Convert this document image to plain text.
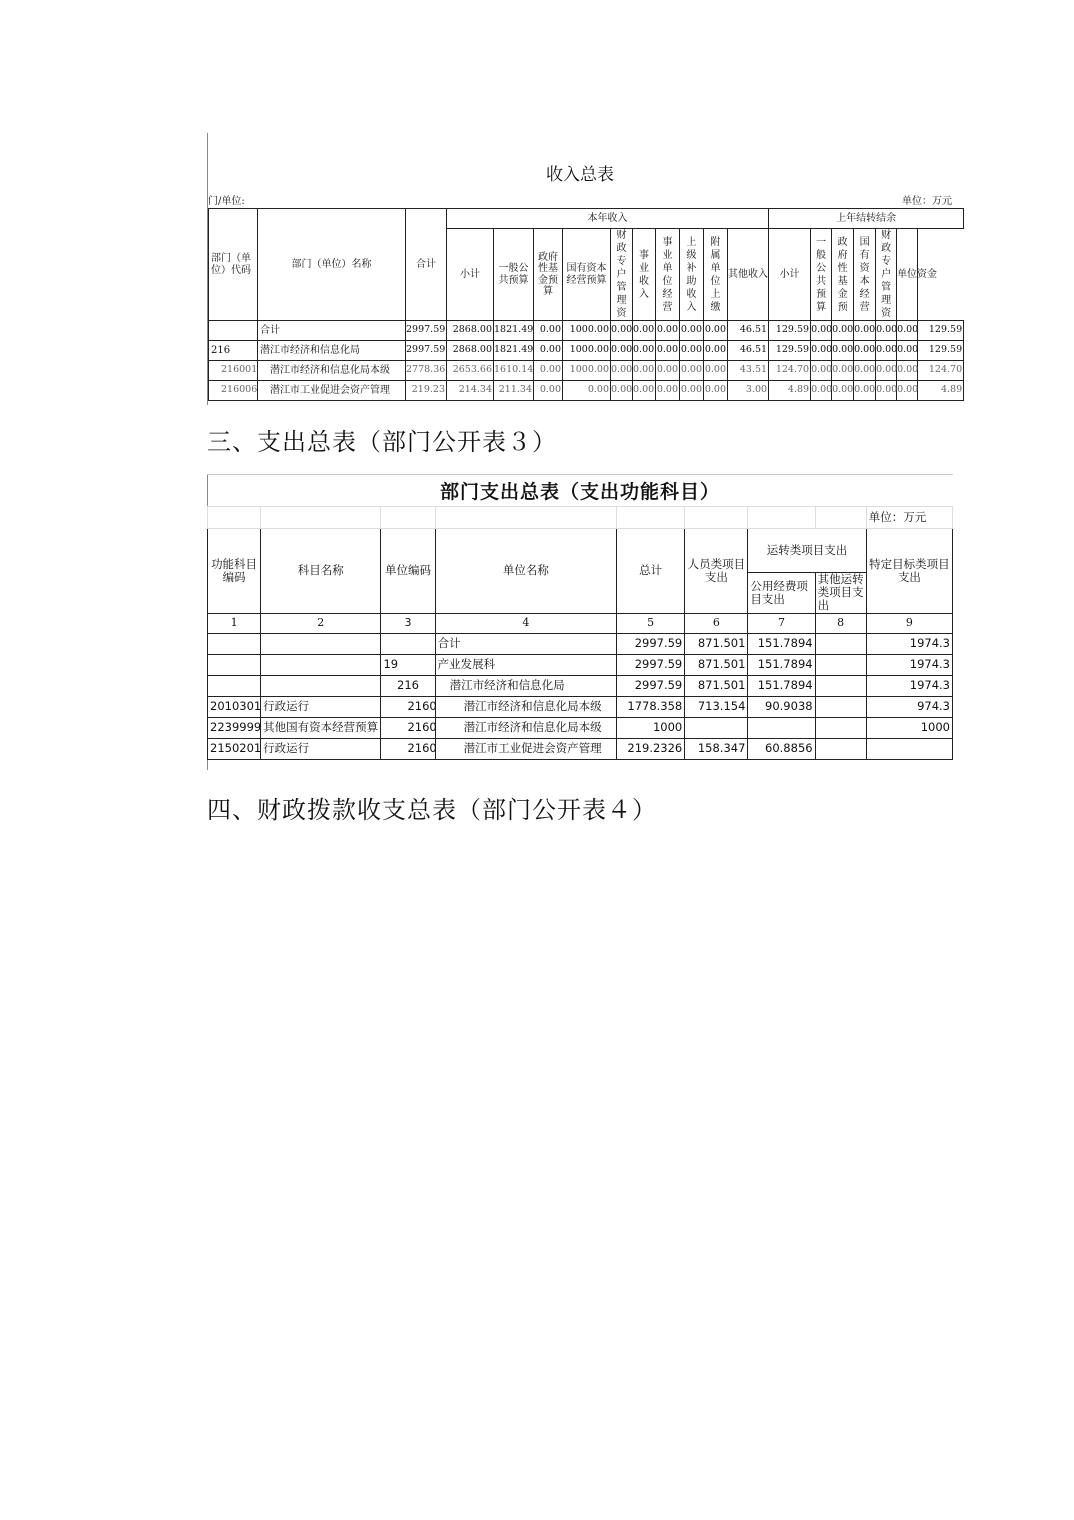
收入总表
门/单位:	单位：万元
部门（单位）代码	部门（单位）名称	合计	本年收入										上年结转结余						
			小计	一般公共预算	政府性基金预算	国有资本经营预算	财政专户管理资	事业收入	事业单位经营	上级补助收入	附属单位上缴	其他收入	小计	一般公共预算	政府性基金预	国有资本经营	财政专户管理资	单位资金	
	合计	2997.59	2868.00	1821.49	0.00	1000.00	0.00	0.00	0.00	0.00	0.00	46.51	129.59	0.00	0.00	0.00	0.00	0.00	129.59
216	潜江市经济和信息化局	2997.59	2868.00	1821.49	0.00	1000.00	0.00	0.00	0.00	0.00	0.00	46.51	129.59	0.00	0.00	0.00	0.00	0.00	129.59
216001	潜江市经济和信息化局本级	2778.36	2653.66	1610.14	0.00	1000.00	0.00	0.00	0.00	0.00	0.00	43.51	124.70	0.00	0.00	0.00	0.00	0.00	124.70
216006	潜江市工业促进会资产管理	219.23	214.34	211.34	0.00	0.00	0.00	0.00	0.00	0.00	0.00	3.00	4.89	0.00	0.00	0.00	0.00	0.00	4.89
三、支出总表（部门公开表３）
部门支出总表（支出功能科目）
								单位：万元
功能科目编码	科目名称	单位编码	单位名称	总计	人员类项目支出	运转类项目支出		特定目标类项目支出
						公用经费项目支出	其他运转类项目支出	
1	2	3	4	5	6	7	8	9
			合计	2997.59	871.501	151.7894		1974.3
		19	产业发展科	2997.59	871.501	151.7894		1974.3
		216	潜江市经济和信息化局	2997.59	871.501	151.7894		1974.3
2010301	行政运行	2160	潜江市经济和信息化局本级	1778.358	713.154	90.9038		974.3
2239999	其他国有资本经营预算	2160	潜江市经济和信息化局本级	1000				1000
2150201	行政运行	2160	潜江市工业促进会资产管理	219.2326	158.347	60.8856		
四、财政拨款收支总表（部门公开表４）
